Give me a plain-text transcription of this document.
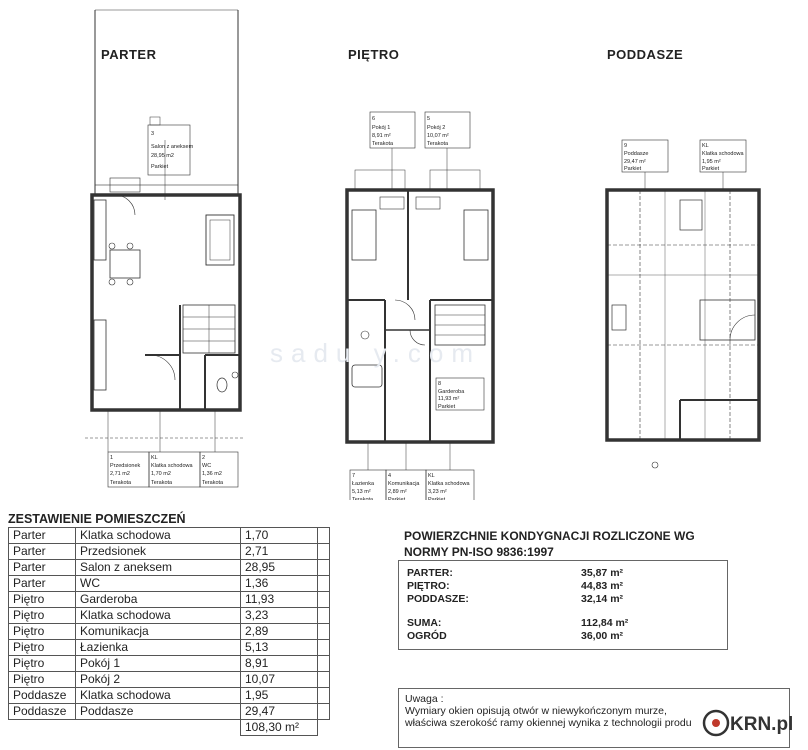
PARTER	PIĘTRO	PODDASZE
3
Salon z aneksem
28,95 m2
Parkiet
1
Przedsionek
2,71 m2
Terakota
KL
Klatka schodowa
1,70 m2
Terakota
2
WC
1,36 m2
Terakota
6
Pokój 1
8,91 m²
Terakota
5
Pokój 2
10,07 m²
Terakota
8
Garderoba
11,93 m²
Parkiet
7
Łazienka
5,13 m²
Terakota
4
Komunikacja
2,89 m²
Parkiet
KL
Klatka schodowa
3,23 m²
Parkiet
9
Poddasze
29,47 m²
Parkiet
KL
Klatka schodowa
1,95 m²
Parkiet
sadu y.com
ZESTAWIENIE POMIESZCZEŃ
Parter	Klatka schodowa	1,70	
Parter	Przedsionek	2,71	
Parter	Salon z aneksem	28,95	
Parter	WC	1,36	
Piętro	Garderoba	11,93	
Piętro	Klatka schodowa	3,23	
Piętro	Komunikacja	2,89	
Piętro	Łazienka	5,13	
Piętro	Pokój 1	8,91	
Piętro	Pokój 2	10,07	
Poddasze	Klatka schodowa	1,95	
Poddasze	Poddasze	29,47	
		108,30 m²	
POWIERZCHNIE KONDYGNACJI ROZLICZONE WG NORMY PN-ISO 9836:1997
PARTER:	35,87 m²
PIĘTRO:	44,83 m²
PODDASZE:	32,14 m²
SUMA:	112,84 m²
OGRÓD	36,00 m²
Uwaga :
Wymiary okien opisują otwór w niewykończonym murze,
właściwa szerokość ramy okiennej wynika z technologii produ	KRN.pl
